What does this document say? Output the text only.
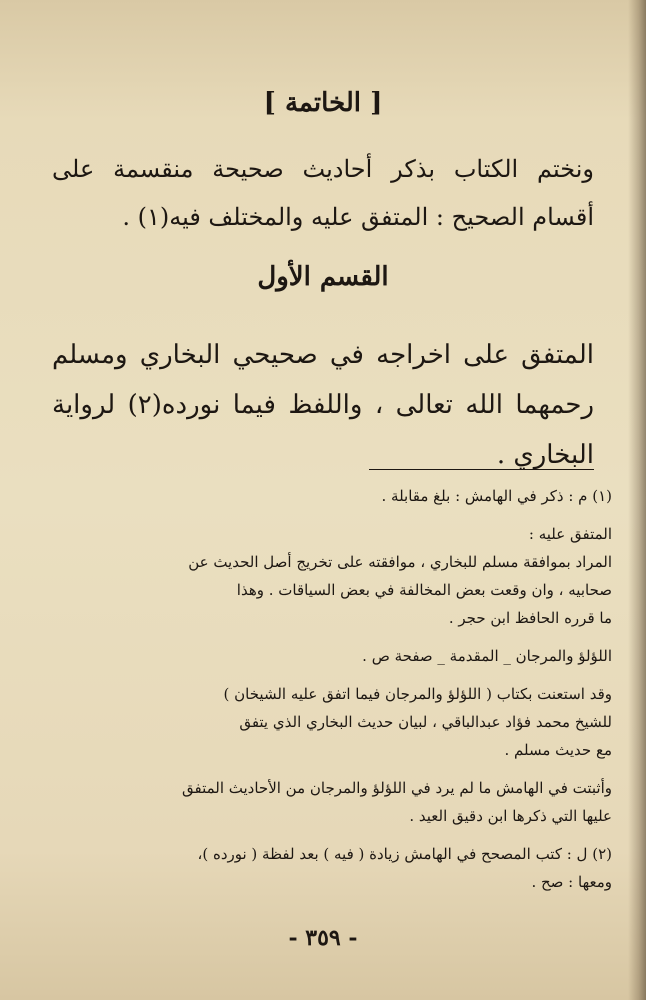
[ الخاتمة ]
ونختم الكتاب بذكر أحاديث صحيحة منقسمة على أقسام الصحيح : المتفق عليه والمختلف فيه(١) .
القسم الأول
المتفق على اخراجه في صحيحي البخاري ومسلم رحمهما الله تعالى ، واللفظ فيما نورده(٢) لرواية البخاري .
(١) م : ذكر في الهامش : بلغ مقابلة .
المتفق عليه :
المراد بموافقة مسلم للبخاري ، موافقته على تخريج أصل الحديث عن
صحابيه ، وان وقعت بعض المخالفة في بعض السياقات . وهذا
ما قرره الحافظ ابن حجر .
اللؤلؤ والمرجان _ المقدمة _ صفحة ص .
وقد استعنت بكتاب ( اللؤلؤ والمرجان فيما اتفق عليه الشيخان )
للشيخ محمد فؤاد عبدالباقي ، لبيان حديث البخاري الذي يتفق
مع حديث مسلم .
وأثبتت في الهامش ما لم يرد في اللؤلؤ والمرجان من الأحاديث المتفق
عليها التي ذكرها ابن دقيق العيد .
(٢) ل : كتب المصحح في الهامش زيادة ( فيه ) بعد لفظة ( نورده )،
ومعها : صح .
- ٣٥٩ -
